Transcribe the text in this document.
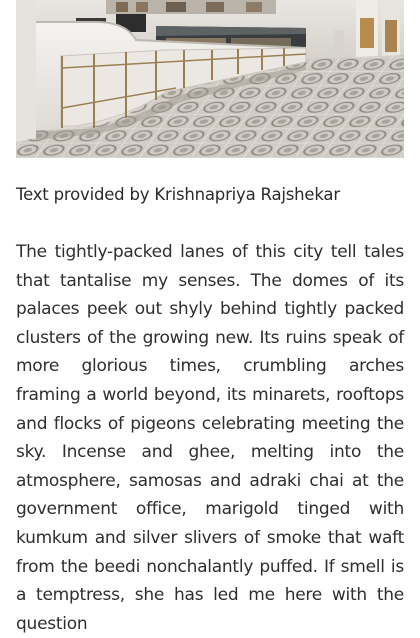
Text provided by Krishnapriya Rajshekar

The tightly-packed lanes of this city tell tales that tantalise my senses. The domes of its palaces peek out shyly behind tightly packed clusters of the growing new. Its ruins speak of more glorious times, crumbling arches framing a world beyond, its minarets, rooftops and flocks of pigeons celebrating meeting the sky. Incense and ghee, melting into the atmosphere, samosas and adraki chai at the government office, marigold tinged with kumkum and silver slivers of smoke that waft from the beedi nonchalantly puffed. If smell is a temptress, she has led me here with the question
